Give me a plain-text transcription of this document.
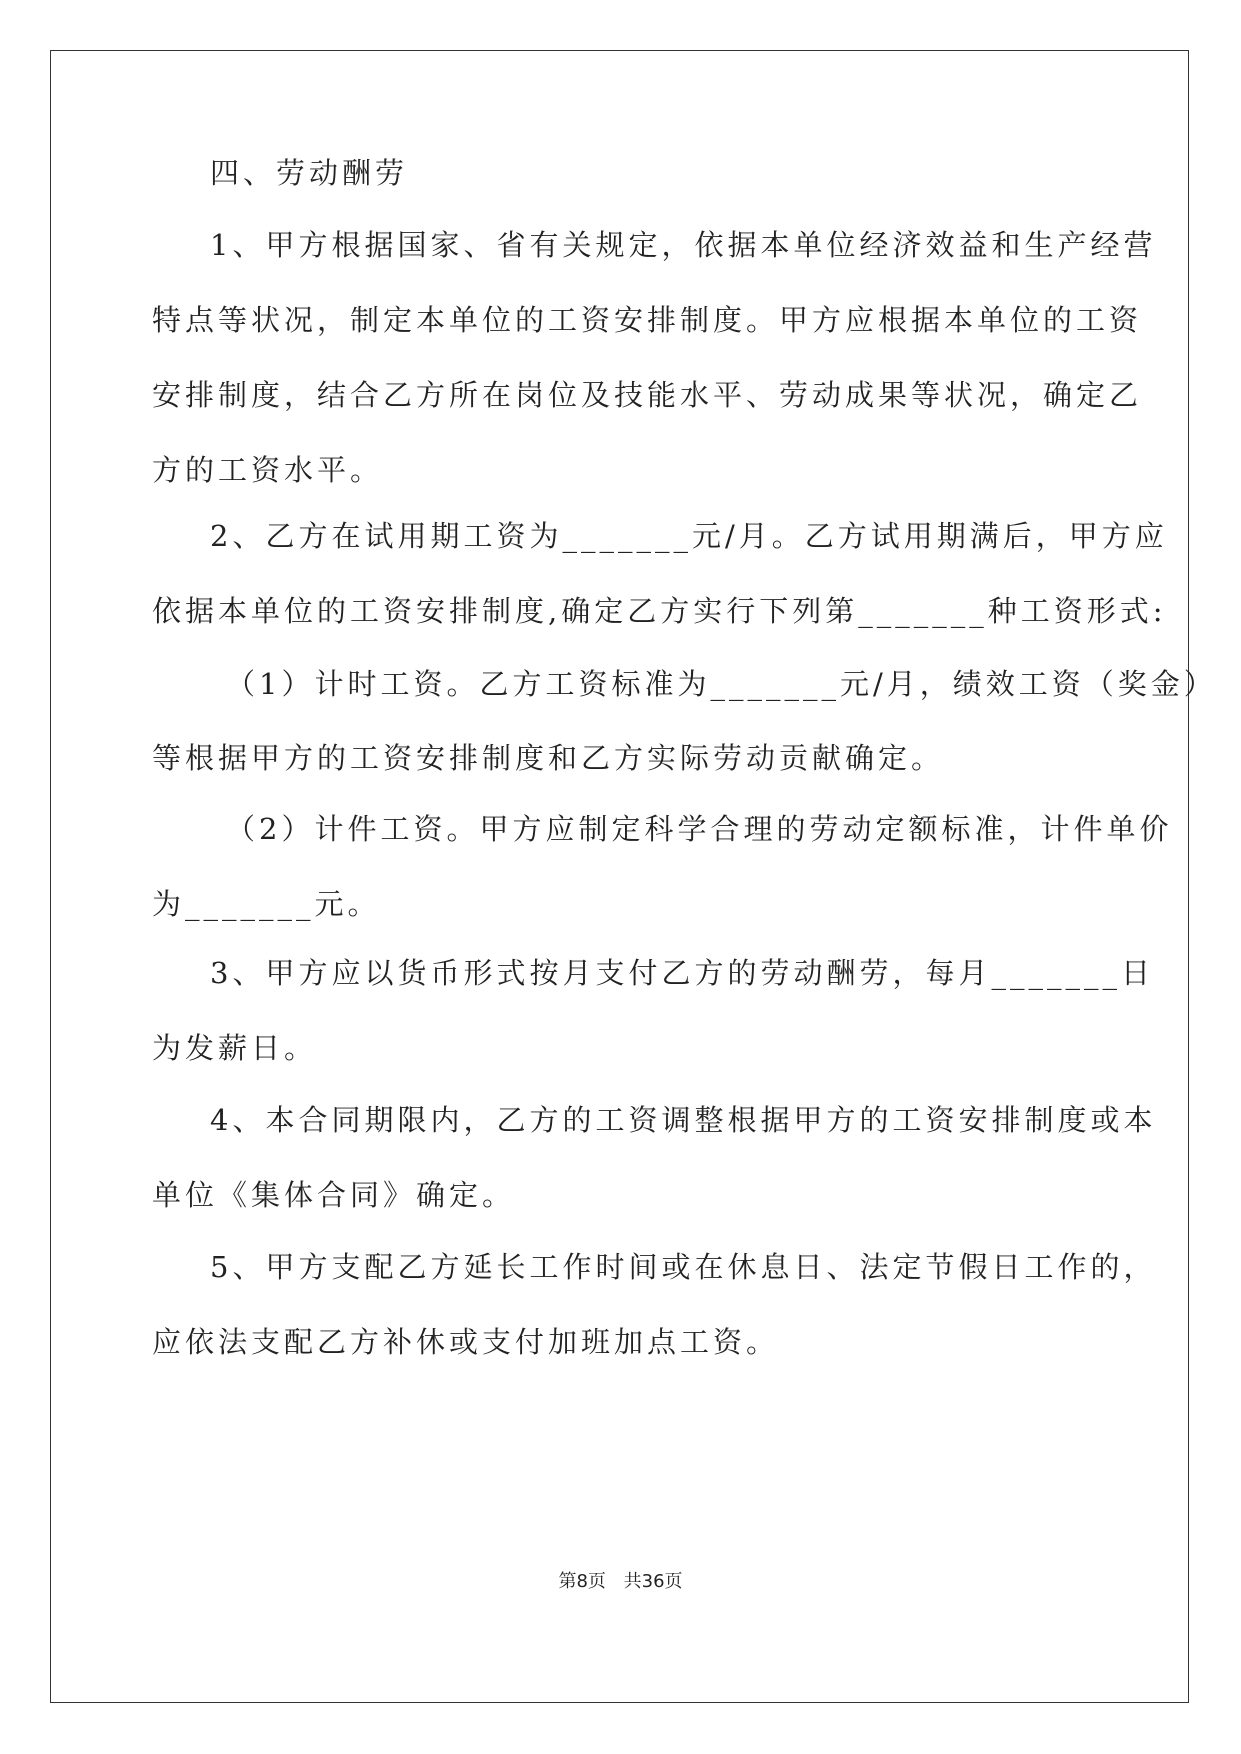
四、劳动酬劳
1、甲方根据国家、省有关规定，依据本单位经济效益和生产经营
特点等状况，制定本单位的工资安排制度。甲方应根据本单位的工资
安排制度，结合乙方所在岗位及技能水平、劳动成果等状况，确定乙
方的工资水平。
2、乙方在试用期工资为_______元/月。乙方试用期满后，甲方应
依据本单位的工资安排制度,确定乙方实行下列第_______种工资形式:
（1）计时工资。乙方工资标准为_______元/月，绩效工资（奖金）
等根据甲方的工资安排制度和乙方实际劳动贡献确定。
（2）计件工资。甲方应制定科学合理的劳动定额标准，计件单价
为_______元。
3、甲方应以货币形式按月支付乙方的劳动酬劳，每月_______日
为发薪日。
4、本合同期限内，乙方的工资调整根据甲方的工资安排制度或本
单位《集体合同》确定。
5、甲方支配乙方延长工作时间或在休息日、法定节假日工作的，
应依法支配乙方补休或支付加班加点工资。
第8页 共36页
